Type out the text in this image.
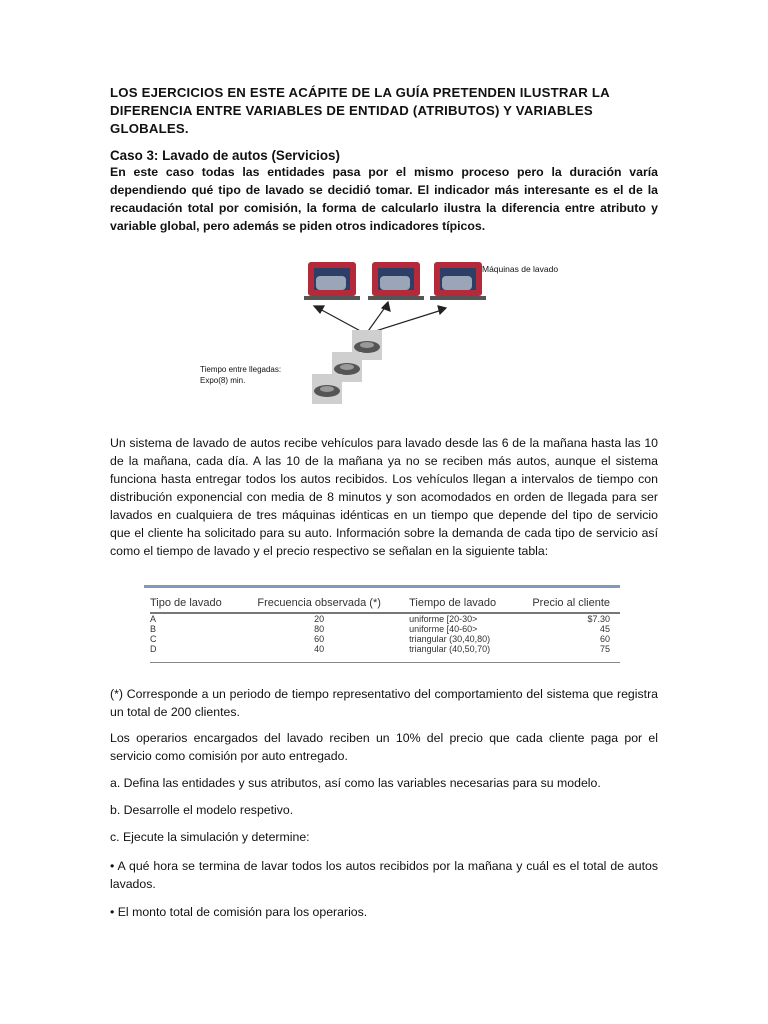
LOS EJERCICIOS EN ESTE ACÁPITE DE LA GUÍA PRETENDEN ILUSTRAR LA DIFERENCIA ENTRE VARIABLES DE ENTIDAD (ATRIBUTOS) Y VARIABLES GLOBALES.
Caso 3: Lavado de autos (Servicios)
En este caso todas las entidades pasa por el mismo proceso pero la duración varía dependiendo qué tipo de lavado se decidió tomar. El indicador más interesante es el de la recaudación total por comisión, la forma de calcularlo ilustra la diferencia entre atributo y variable global, pero además se piden otros indicadores típicos.
Máquinas de lavado
Tiempo entre llegadas:
Expo(8) min.
Un sistema de lavado de autos recibe vehículos para lavado desde las 6 de la mañana hasta las 10 de la mañana, cada día. A las 10 de la mañana ya no se reciben más autos, aunque el sistema funciona hasta entregar todos los autos recibidos. Los vehículos llegan a intervalos de tiempo con distribución exponencial con media de 8 minutos y son acomodados en orden de llegada para ser lavados en cualquiera de tres máquinas idénticas en un tiempo que depende del tipo de servicio que el cliente ha solicitado para su auto. Información sobre la demanda de cada tipo de servicio así como el tiempo de lavado y el precio respectivo se señalan en la siguiente tabla:
Tipo de lavado	Frecuencia observada (*)	Tiempo de lavado	Precio al cliente
A	20	uniforme [20-30>	$7.30
B	80	uniforme [40-60>	45
C	60	triangular (30,40,80)	60
D	40	triangular (40,50,70)	75
(*) Corresponde a un periodo de tiempo representativo del comportamiento del sistema que registra un total de 200 clientes.
Los operarios encargados del lavado reciben un 10% del precio que cada cliente paga por el servicio como comisión por auto entregado.
a. Defina las entidades y sus atributos, así como las variables necesarias para su modelo.
b. Desarrolle el modelo respetivo.
c. Ejecute la simulación y determine:
• A qué hora se termina de lavar todos los autos recibidos por la mañana y cuál es el total de autos lavados.
• El monto total de comisión para los operarios.
